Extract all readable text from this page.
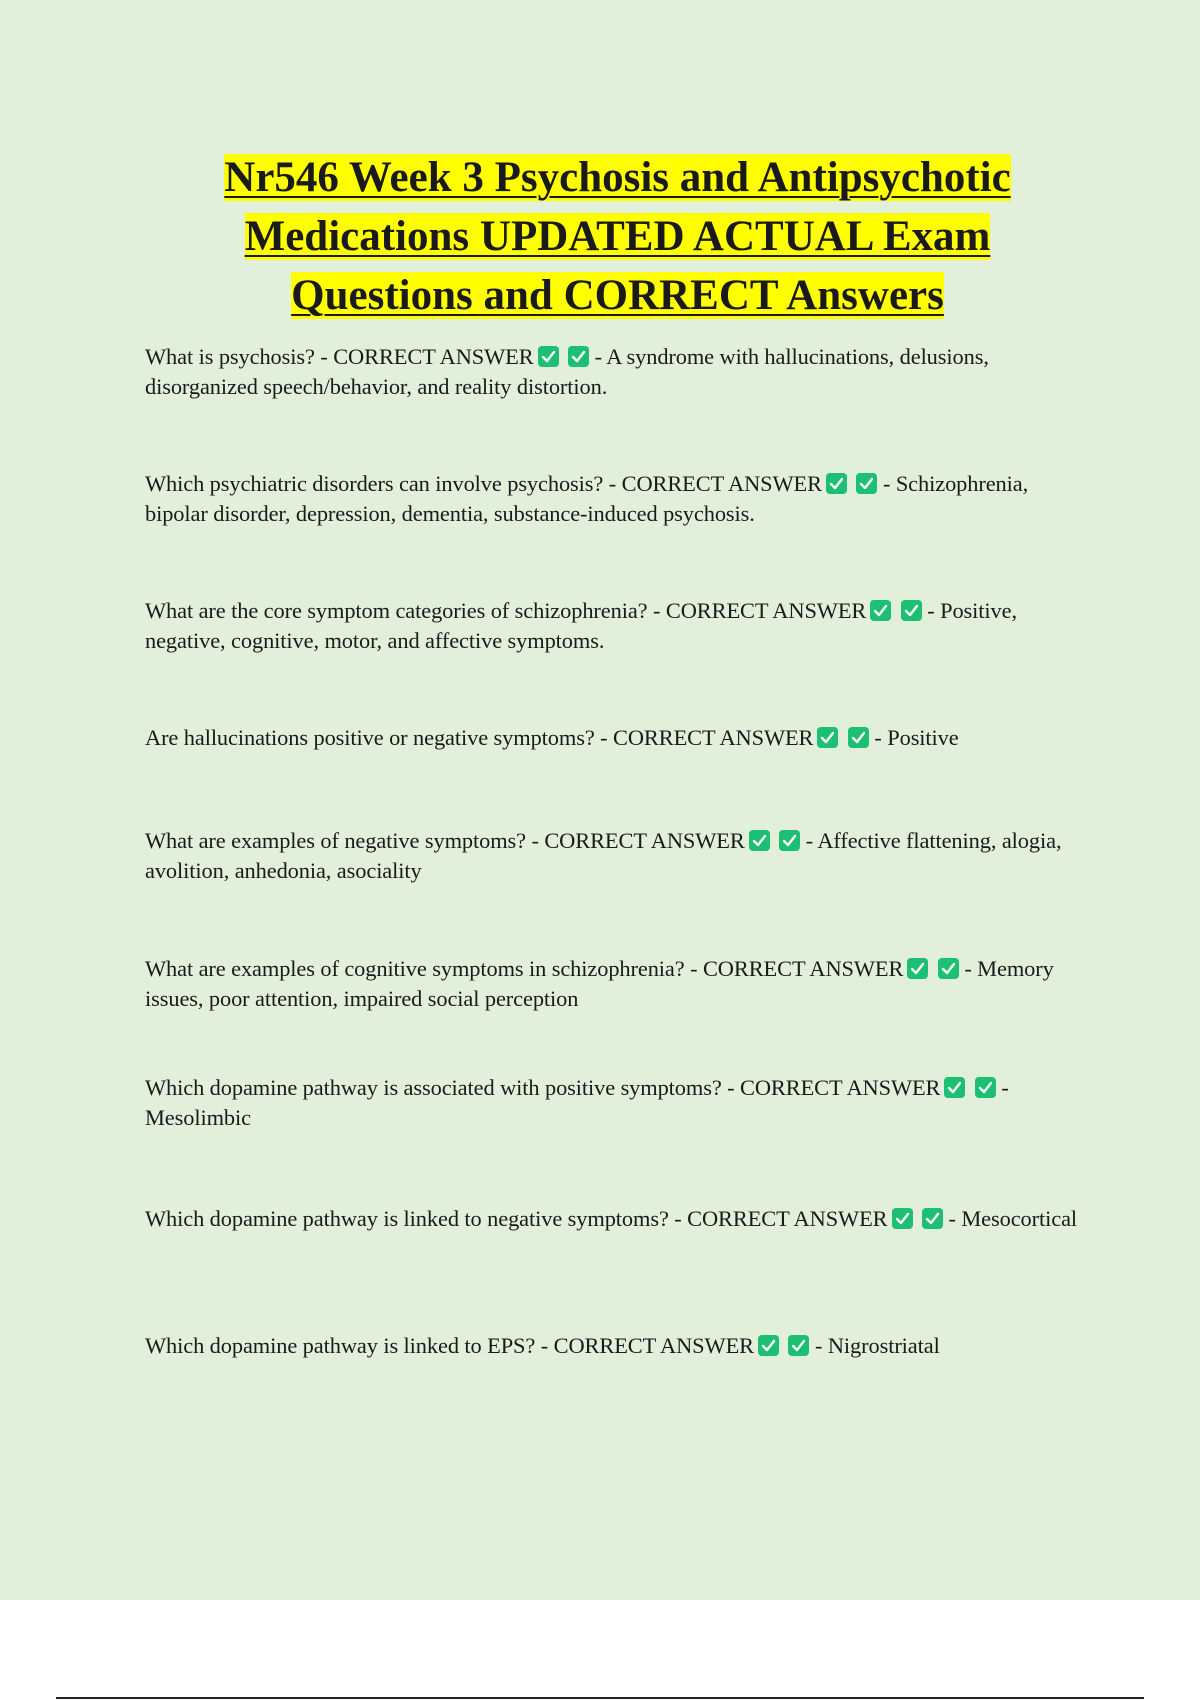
Nr546 Week 3 Psychosis and Antipsychotic Medications UPDATED ACTUAL Exam Questions and CORRECT Answers

What is psychosis? - CORRECT ANSWER
	- A syndrome with hallucinations, delusions, disorganized speech/behavior, and reality distortion.

Which psychiatric disorders can involve psychosis? - CORRECT ANSWER
	- Schizophrenia, bipolar disorder, depression, dementia, substance-induced psychosis.

What are the core symptom categories of schizophrenia? - CORRECT ANSWER
	- Positive, negative, cognitive, motor, and affective symptoms.

Are hallucinations positive or negative symptoms? - CORRECT ANSWER
	- Positive

What are examples of negative symptoms? - CORRECT ANSWER
	- Affective flattening, alogia, avolition, anhedonia, asociality

What are examples of cognitive symptoms in schizophrenia? - CORRECT ANSWER
	- Memory issues, poor attention, impaired social perception

Which dopamine pathway is associated with positive symptoms? - CORRECT ANSWER
	- Mesolimbic

Which dopamine pathway is linked to negative symptoms? - CORRECT ANSWER
	- Mesocortical

Which dopamine pathway is linked to EPS? - CORRECT ANSWER
	- Nigrostriatal
